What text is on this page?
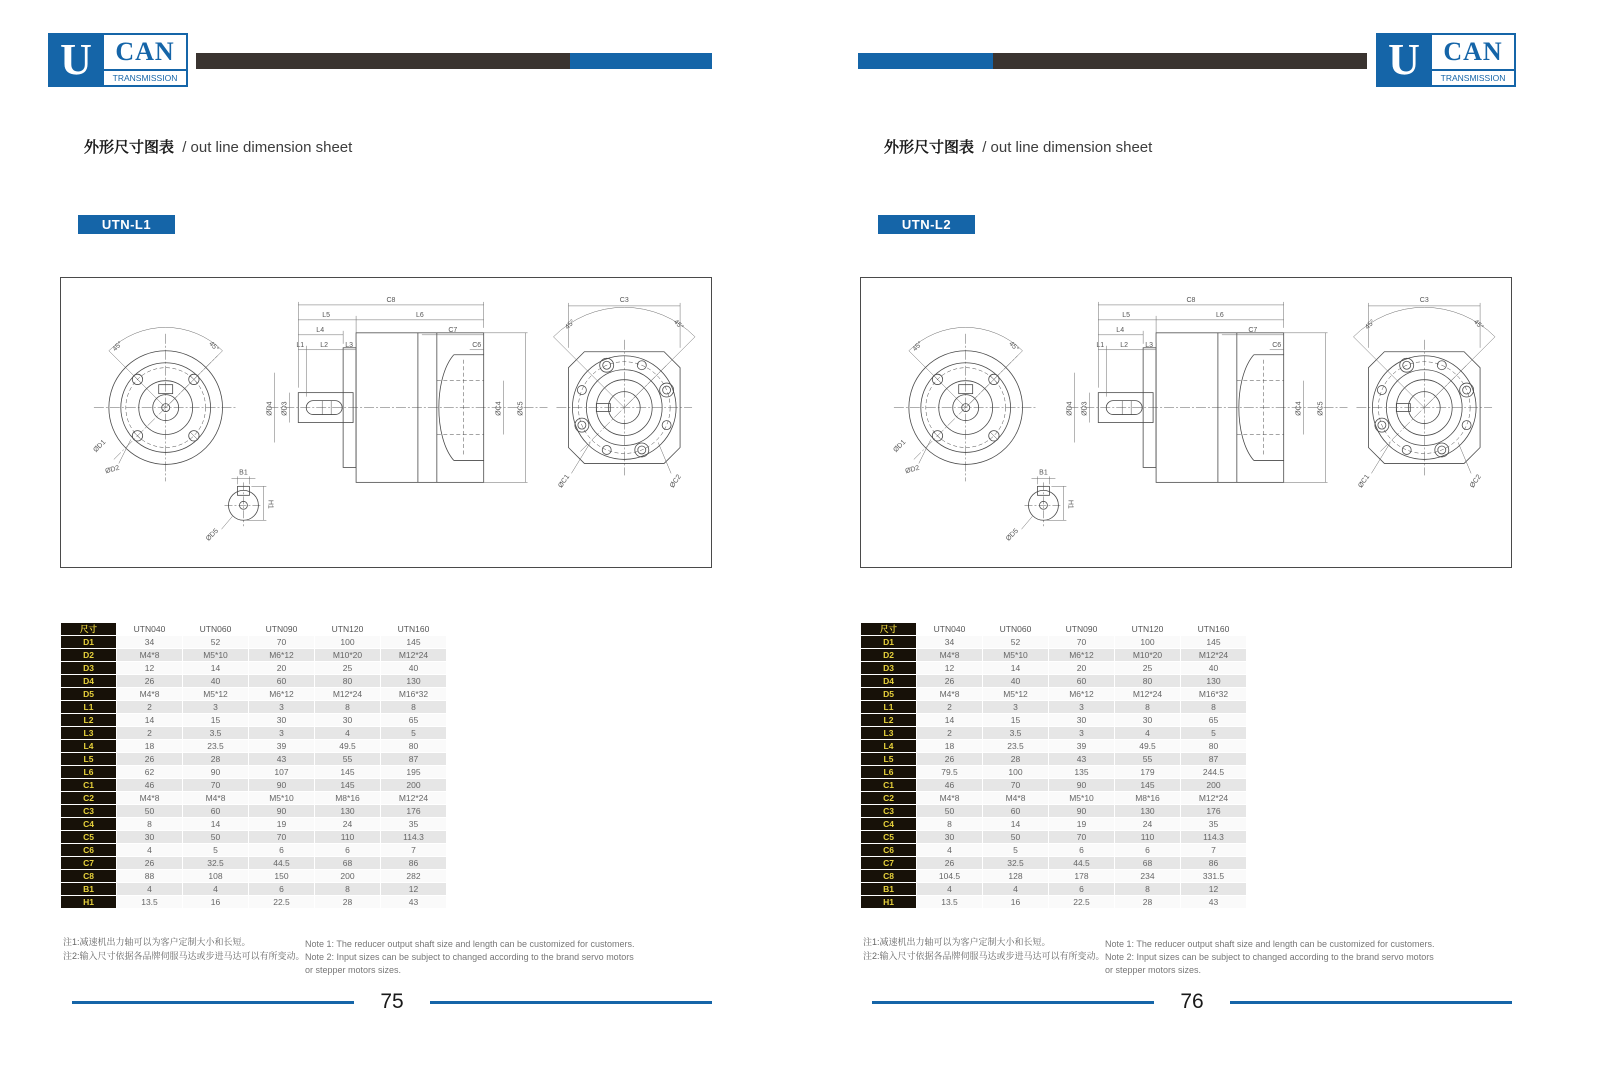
U CAN
TRANSMISSION
外形尺寸图表 / out line dimension sheet
UTN-L1
45°	45°
ØD1
ØD2	B1
H1
ØD5
C8
L5	L6
L4	C7
L1 L2 L3	C6
ØD4 ØD3	ØC4 ØC5
C3
45°	45°
ØC1	ØC2
尺寸	UTN040	UTN060	UTN090	UTN120	UTN160
D1	34	52	70	100	145
D2	M4*8	M5*10	M6*12	M10*20	M12*24
D3	12	14	20	25	40
D4	26	40	60	80	130
D5	M4*8	M5*12	M6*12	M12*24	M16*32
L1	2	3	3	8	8
L2	14	15	30	30	65
L3	2	3.5	3	4	5
L4	18	23.5	39	49.5	80
L5	26	28	43	55	87
L6	62	90	107	145	195
C1	46	70	90	145	200
C2	M4*8	M4*8	M5*10	M8*16	M12*24
C3	50	60	90	130	176
C4	8	14	19	24	35
C5	30	50	70	110	114.3
C6	4	5	6	6	7
C7	26	32.5	44.5	68	86
C8	88	108	150	200	282
B1	4	4	6	8	12
H1	13.5	16	22.5	28	43
注1:减速机出力轴可以为客户定制大小和长短。
注2:输入尺寸依据各品牌伺服马达或步进马达可以有所变动。
Note 1: The reducer output shaft size and length can be customized for customers.
Note 2: Input sizes can be subject to changed according to the brand servo motors
or stepper motors sizes.
75
U CAN
TRANSMISSION
外形尺寸图表 / out line dimension sheet
UTN-L2
45°	45°
ØD1
ØD2	B1
H1
ØD5
C8
L5	L6
L4	C7
L1 L2 L3	C6
ØD4 ØD3	ØC4 ØC5
C3
45°	45°
ØC1	ØC2
尺寸	UTN040	UTN060	UTN090	UTN120	UTN160
D1	34	52	70	100	145
D2	M4*8	M5*10	M6*12	M10*20	M12*24
D3	12	14	20	25	40
D4	26	40	60	80	130
D5	M4*8	M5*12	M6*12	M12*24	M16*32
L1	2	3	3	8	8
L2	14	15	30	30	65
L3	2	3.5	3	4	5
L4	18	23.5	39	49.5	80
L5	26	28	43	55	87
L6	79.5	100	135	179	244.5
C1	46	70	90	145	200
C2	M4*8	M4*8	M5*10	M8*16	M12*24
C3	50	60	90	130	176
C4	8	14	19	24	35
C5	30	50	70	110	114.3
C6	4	5	6	6	7
C7	26	32.5	44.5	68	86
C8	104.5	128	178	234	331.5
B1	4	4	6	8	12
H1	13.5	16	22.5	28	43
注1:减速机出力轴可以为客户定制大小和长短。
注2:输入尺寸依据各品牌伺服马达或步进马达可以有所变动。
Note 1: The reducer output shaft size and length can be customized for customers.
Note 2: Input sizes can be subject to changed according to the brand servo motors
or stepper motors sizes.
76
